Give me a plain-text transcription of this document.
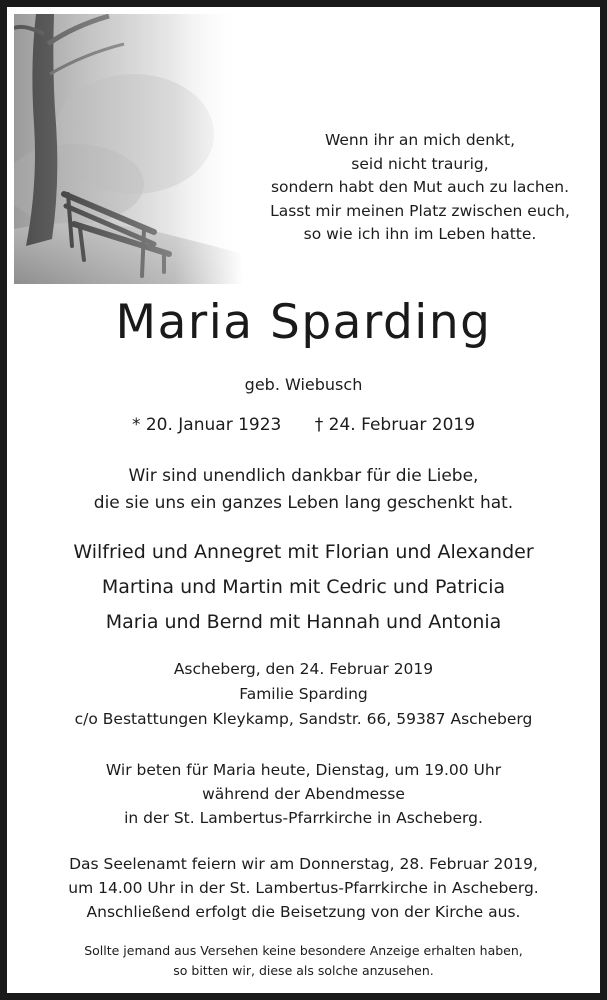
Wenn ihr an mich denkt,
seid nicht traurig,
sondern habt den Mut auch zu lachen.
Lasst mir meinen Platz zwischen euch,
so wie ich ihn im Leben hatte.
Maria Sparding
geb. Wiebusch
* 20. Januar 1923 † 24. Februar 2019
Wir sind unendlich dankbar für die Liebe,
die sie uns ein ganzes Leben lang geschenkt hat.
Wilfried und Annegret mit Florian und Alexander
Martina und Martin mit Cedric und Patricia
Maria und Bernd mit Hannah und Antonia
Ascheberg, den 24. Februar 2019
Familie Sparding
c/o Bestattungen Kleykamp, Sandstr. 66, 59387 Ascheberg
Wir beten für Maria heute, Dienstag, um 19.00 Uhr
während der Abendmesse
in der St. Lambertus-Pfarrkirche in Ascheberg.
Das Seelenamt feiern wir am Donnerstag, 28. Februar 2019,
um 14.00 Uhr in der St. Lambertus-Pfarrkirche in Ascheberg.
Anschließend erfolgt die Beisetzung von der Kirche aus.
Sollte jemand aus Versehen keine besondere Anzeige erhalten haben,
so bitten wir, diese als solche anzusehen.
